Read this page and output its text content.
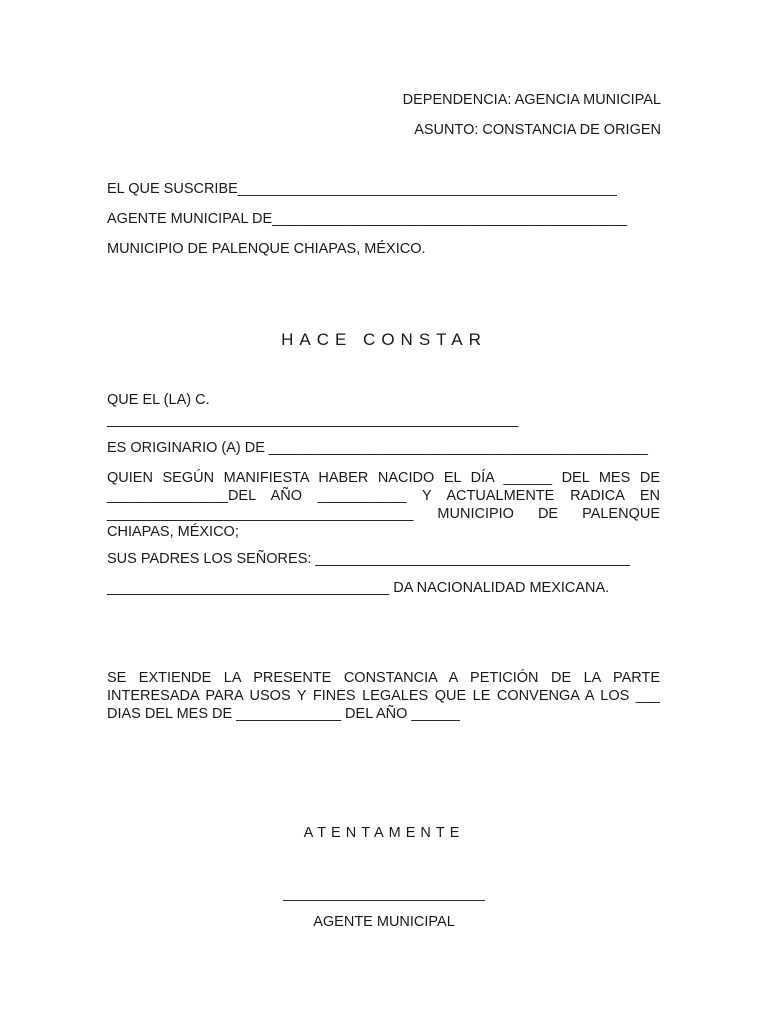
DEPENDENCIA: AGENCIA MUNICIPAL
ASUNTO: CONSTANCIA DE ORIGEN
EL QUE SUSCRIBE_______________________________________________
AGENTE MUNICIPAL DE____________________________________________
MUNICIPIO DE PALENQUE CHIAPAS, MÉXICO.
HACE CONSTAR
QUE EL (LA) C.
___________________________________________________
ES ORIGINARIO (A) DE _______________________________________________
QUIEN SEGÚN MANIFIESTA HABER NACIDO EL DÍA ______ DEL MES DE
_______________DEL AÑO ___________ Y ACTUALMENTE RADICA EN
______________________________________ MUNICIPIO DE PALENQUE
CHIAPAS, MÉXICO;
SUS PADRES LOS SEÑORES: _______________________________________
___________________________________ DA NACIONALIDAD MEXICANA.
SE EXTIENDE LA PRESENTE CONSTANCIA A PETICIÓN DE LA PARTE
INTERESADA PARA USOS Y FINES LEGALES QUE LE CONVENGA A LOS ___
DIAS DEL MES DE _____________ DEL AÑO ______
ATENTAMENTE
_________________________
AGENTE MUNICIPAL
